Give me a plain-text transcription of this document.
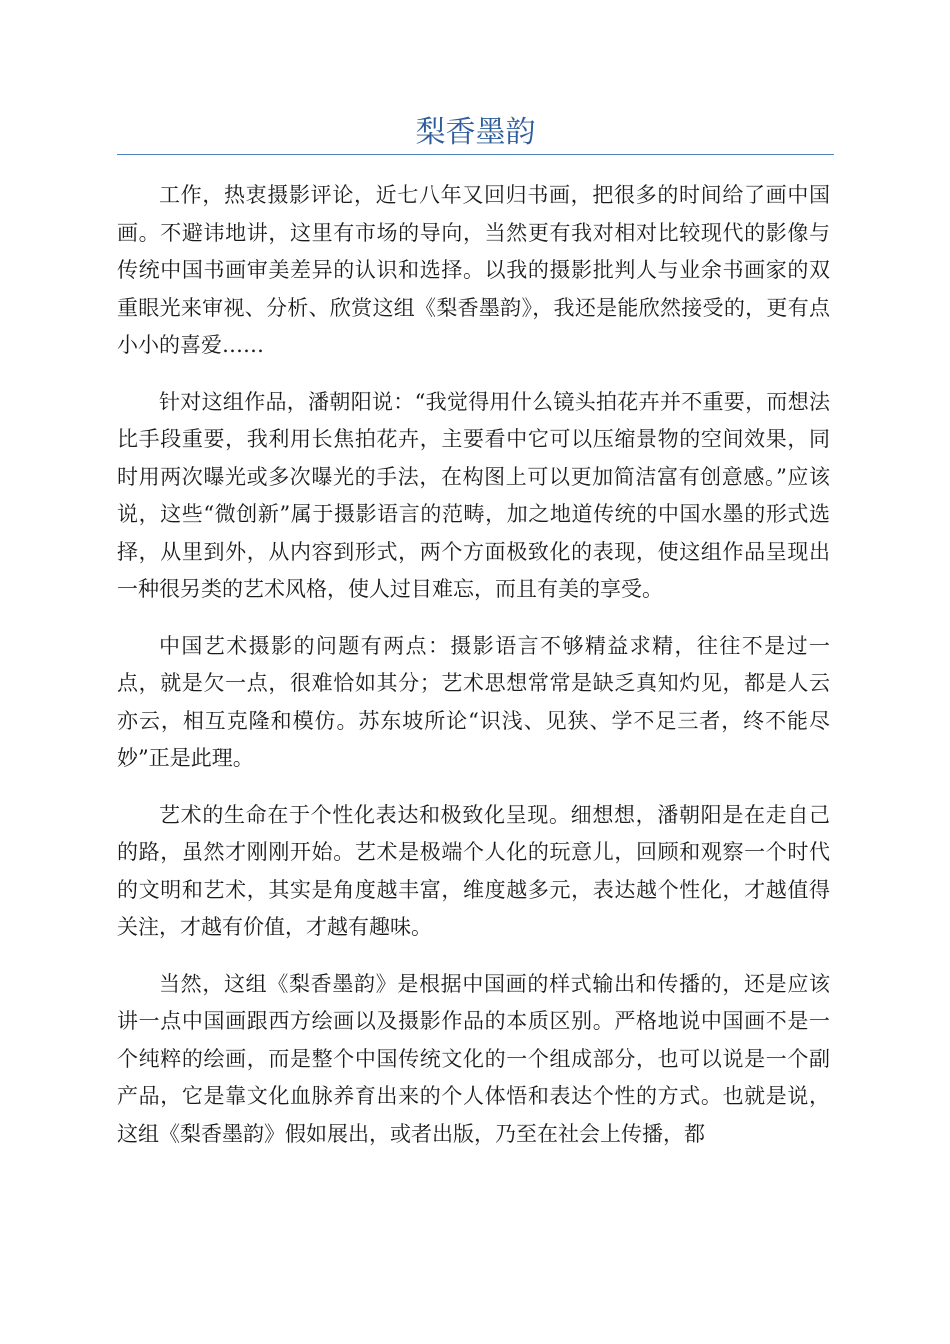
梨香墨韵

工作，热衷摄影评论，近七八年又回归书画，把很多的时间给了画中国画。不避讳地讲，这里有市场的导向，当然更有我对相对比较现代的影像与传统中国书画审美差异的认识和选择。以我的摄影批判人与业余书画家的双重眼光来审视、分析、欣赏这组《梨香墨韵》，我还是能欣然接受的，更有点小小的喜爱……

针对这组作品，潘朝阳说：“我觉得用什么镜头拍花卉并不重要，而想法比手段重要，我利用长焦拍花卉，主要看中它可以压缩景物的空间效果，同时用两次曝光或多次曝光的手法，在构图上可以更加简洁富有创意感。”应该说，这些“微创新”属于摄影语言的范畴，加之地道传统的中国水墨的形式选择，从里到外，从内容到形式，两个方面极致化的表现，使这组作品呈现出一种很另类的艺术风格，使人过目难忘，而且有美的享受。

中国艺术摄影的问题有两点：摄影语言不够精益求精，往往不是过一点，就是欠一点，很难恰如其分；艺术思想常常是缺乏真知灼见，都是人云亦云，相互克隆和模仿。苏东坡所论“识浅、见狭、学不足三者，终不能尽妙”正是此理。

艺术的生命在于个性化表达和极致化呈现。细想想，潘朝阳是在走自己的路，虽然才刚刚开始。艺术是极端个人化的玩意儿，回顾和观察一个时代的文明和艺术，其实是角度越丰富，维度越多元，表达越个性化，才越值得关注，才越有价值，才越有趣味。

当然，这组《梨香墨韵》是根据中国画的样式输出和传播的，还是应该讲一点中国画跟西方绘画以及摄影作品的本质区别。严格地说中国画不是一个纯粹的绘画，而是整个中国传统文化的一个组成部分，也可以说是一个副产品，它是靠文化血脉养育出来的个人体悟和表达个性的方式。也就是说，这组《梨香墨韵》假如展出，或者出版，乃至在社会上传播，都
